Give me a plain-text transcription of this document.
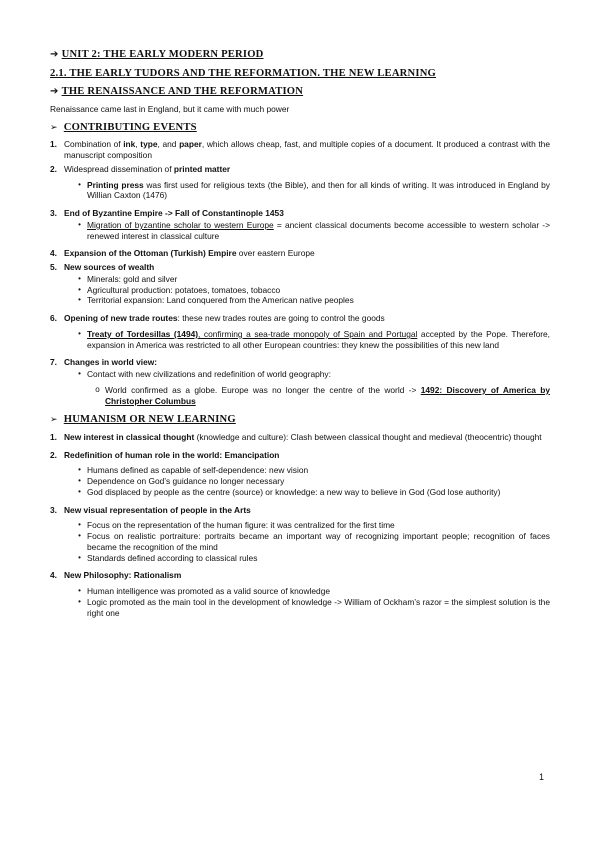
➔ UNIT 2: THE EARLY MODERN PERIOD
2.1. THE EARLY TUDORS AND THE REFORMATION. THE NEW LEARNING
➔ THE RENAISSANCE AND THE REFORMATION
Renaissance came last in England, but it came with much power
➢ CONTRIBUTING EVENTS
1. Combination of ink, type, and paper, which allows cheap, fast, and multiple copies of a document. It produced a contrast with the manuscript composition
2. Widespread dissemination of printed matter
• Printing press was first used for religious texts (the Bible), and then for all kinds of writing. It was introduced in England by Willian Caxton (1476)
3. End of Byzantine Empire -> Fall of Constantinople 1453
• Migration of byzantine scholar to western Europe = ancient classical documents become accessible to western scholar -> renewed interest in classical culture
4. Expansion of the Ottoman (Turkish) Empire over eastern Europe
5. New sources of wealth
• Minerals: gold and silver
• Agricultural production: potatoes, tomatoes, tobacco
• Territorial expansion: Land conquered from the American native peoples
6. Opening of new trade routes: these new trades routes are going to control the goods
• Treaty of Tordesillas (1494), confirming a sea-trade monopoly of Spain and Portugal accepted by the Pope. Therefore, expansion in America was restricted to all other European countries: they knew the possibilities of this new land
7. Changes in world view:
• Contact with new civilizations and redefinition of world geography:
o World confirmed as a globe. Europe was no longer the centre of the world -> 1492: Discovery of America by Christopher Columbus
➢ HUMANISM OR NEW LEARNING
1. New interest in classical thought (knowledge and culture): Clash between classical thought and medieval (theocentric) thought
2. Redefinition of human role in the world: Emancipation
• Humans defined as capable of self-dependence: new vision
• Dependence on God’s guidance no longer necessary
• God displaced by people as the centre (source) or knowledge: a new way to believe in God (God lose authority)
3. New visual representation of people in the Arts
• Focus on the representation of the human figure: it was centralized for the first time
• Focus on realistic portraiture: portraits became an important way of recognizing important people; recognition of faces became the recognition of the mind
• Standards defined according to classical rules
4. New Philosophy: Rationalism
• Human intelligence was promoted as a valid source of knowledge
• Logic promoted as the main tool in the development of knowledge -> William of Ockham’s razor = the simplest solution is the right one
1
